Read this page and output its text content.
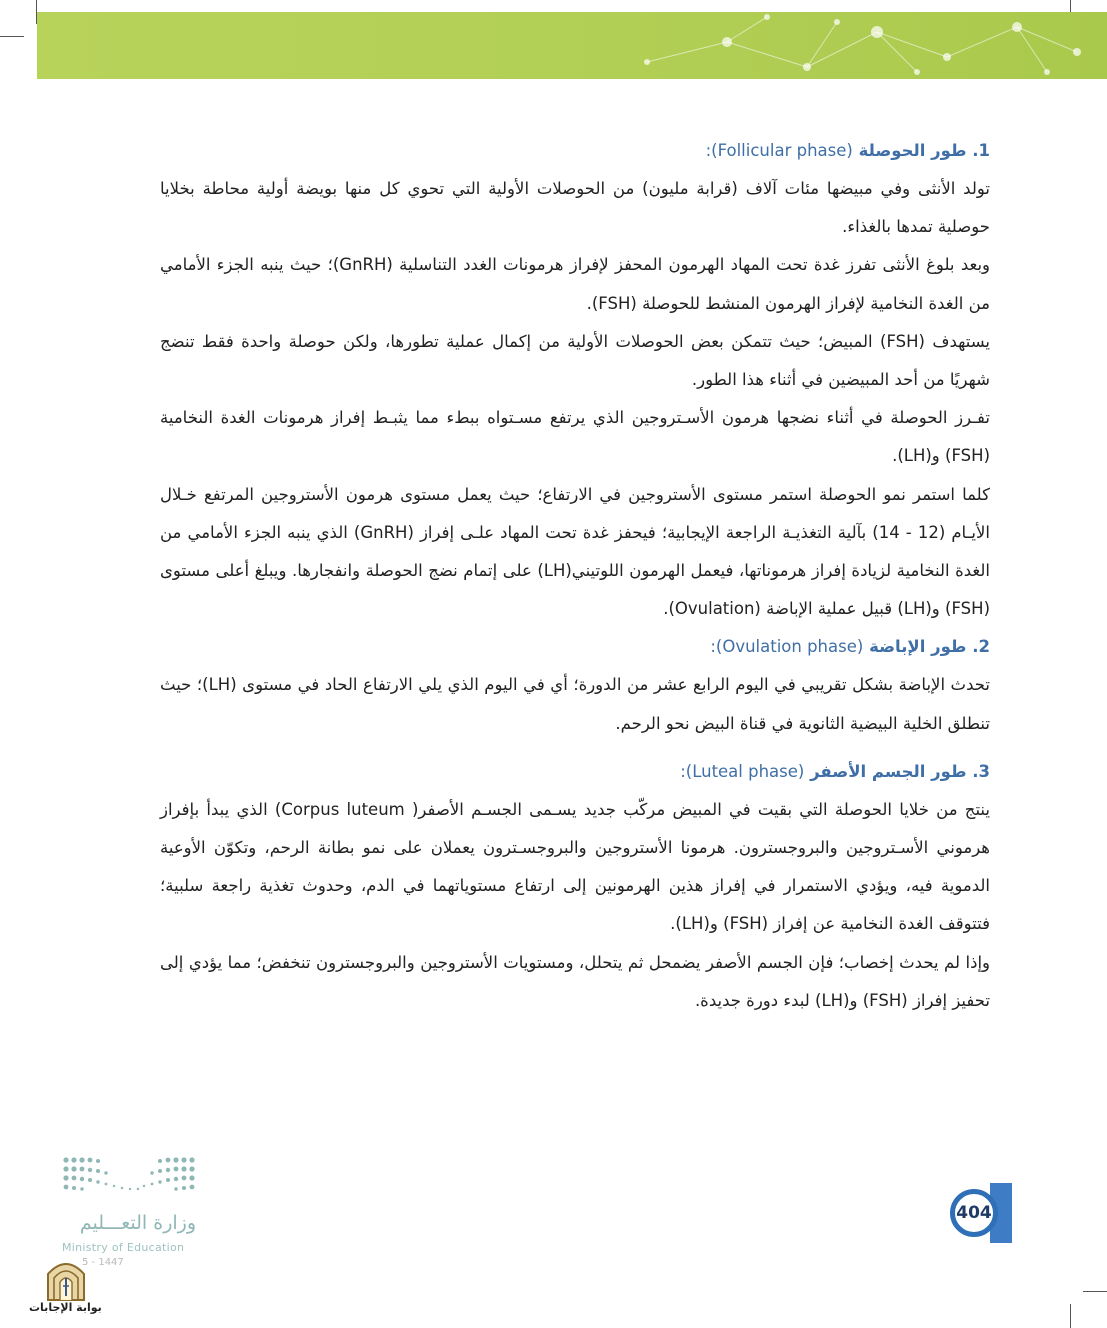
1. طور الحوصلة (Follicular phase):

تولد الأنثى وفي مبيضها مئات آلاف (قرابة مليون) من الحوصلات الأولية التي تحوي كل منها بويضة أولية محاطة بخلايا حوصلية تمدها بالغذاء.

وبعد بلوغ الأنثى تفرز غدة تحت المهاد الهرمون المحفز لإفراز هرمونات الغدد التناسلية (GnRH)؛ حيث ينبه الجزء الأمامي من الغدة النخامية لإفراز الهرمون المنشط للحوصلة (FSH).

يستهدف (FSH) المبيض؛ حيث تتمكن بعض الحوصلات الأولية من إكمال عملية تطورها، ولكن حوصلة واحدة فقط تنضج شهريًا من أحد المبيضين في أثناء هذا الطور.

تفـرز الحوصلة في أثناء نضجها هرمون الأسـتروجين الذي يرتفع مسـتواه ببطء مما يثبـط إفراز هرمونات الغدة النخامية (FSH) و(LH).

كلما استمر نمو الحوصلة استمر مستوى الأستروجين في الارتفاع؛ حيث يعمل مستوى هرمون الأستروجين المرتفع خـلال الأيـام (12 - 14) بآلية التغذيـة الراجعة الإيجابية؛ فيحفز غدة تحت المهاد علـى إفراز (GnRH) الذي ينبه الجزء الأمامي من الغدة النخامية لزيادة إفراز هرموناتها، فيعمل الهرمون اللوتيني(LH) على إتمام نضج الحوصلة وانفجارها. ويبلغ أعلى مستوى (FSH) و(LH) قبيل عملية الإباضة (Ovulation).

2. طور الإباضة (Ovulation phase):

تحدث الإباضة بشكل تقريبي في اليوم الرابع عشر من الدورة؛ أي في اليوم الذي يلي الارتفاع الحاد في مستوى (LH)؛ حيث تنطلق الخلية البيضية الثانوية في قناة البيض نحو الرحم.

3. طور الجسم الأصفر (Luteal phase):

ينتج من خلايا الحوصلة التي بقيت في المبيض مركّب جديد يسـمى الجسـم الأصفر( Corpus luteum) الذي يبدأ بإفراز هرموني الأسـتروجين والبروجسترون. هرمونا الأستروجين والبروجسـترون يعملان على نمو بطانة الرحم، وتكوّن الأوعية الدموية فيه، ويؤدي الاستمرار في إفراز هذين الهرمونين إلى ارتفاع مستوياتهما في الدم، وحدوث تغذية راجعة سلبية؛ فتتوقف الغدة النخامية عن إفراز (FSH) و(LH).

وإذا لم يحدث إخصاب؛ فإن الجسم الأصفر يضمحل ثم يتحلل، ومستويات الأستروجين والبروجسترون تنخفض؛ مما يؤدي إلى تحفيز إفراز (FSH) و(LH) لبدء دورة جديدة.

404
وزارة التعـــليم
Ministry of Education
5 - 1447
بوابة الإجابات
